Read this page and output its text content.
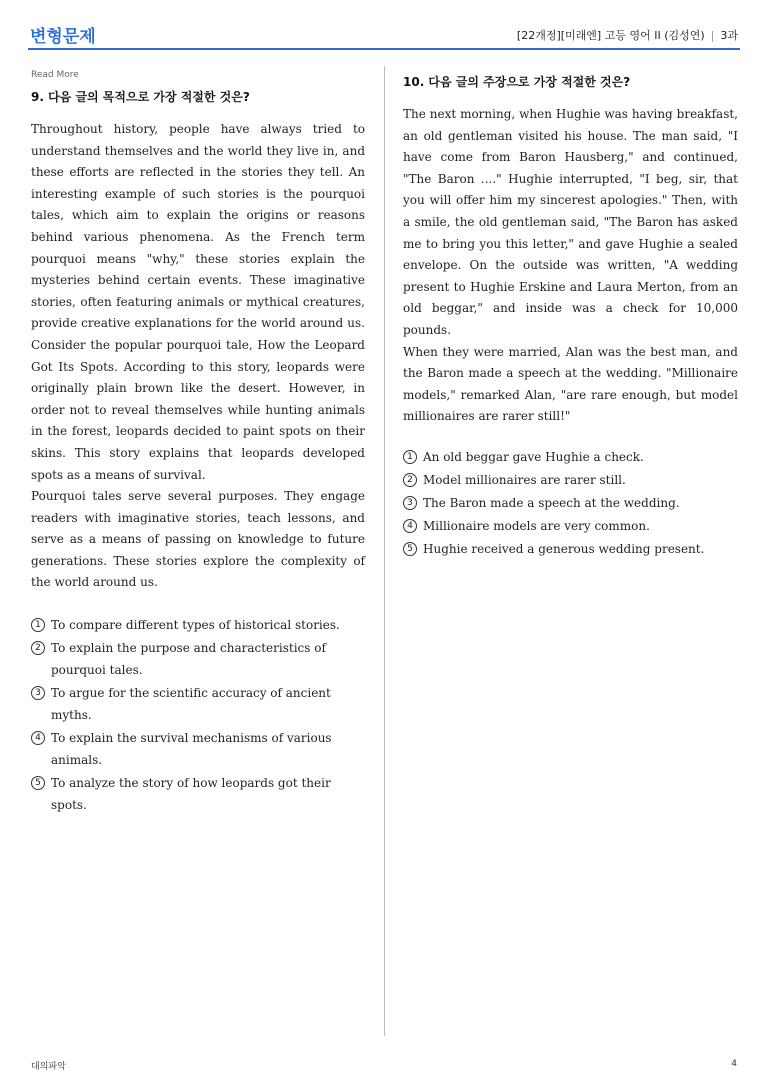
변형문제	[22개정][미래엔] 고등 영어 II (김성연) | 3과
Read More
9. 다음 글의 목적으로 가장 적절한 것은?

Throughout history, people have always tried to understand themselves and the world they live in, and these efforts are reflected in the stories they tell. An interesting example of such stories is the pourquoi tales, which aim to explain the origins or reasons behind various phenomena. As the French term pourquoi means "why," these stories explain the mysteries behind certain events. These imaginative stories, often featuring animals or mythical creatures, provide creative explanations for the world around us. Consider the popular pourquoi tale, How the Leopard Got Its Spots. According to this story, leopards were originally plain brown like the desert. However, in order not to reveal themselves while hunting animals in the forest, leopards decided to paint spots on their skins. This story explains that leopards developed spots as a means of survival.

Pourquoi tales serve several purposes. They engage readers with imaginative stories, teach lessons, and serve as a means of passing on knowledge to future generations. These stories explore the complexity of the world around us.

1 To compare different types of historical stories.
2 To explain the purpose and characteristics of pourquoi tales.
3 To argue for the scientific accuracy of ancient myths.
4 To explain the survival mechanisms of various animals.
5 To analyze the story of how leopards got their spots.
10. 다음 글의 주장으로 가장 적절한 것은?

The next morning, when Hughie was having breakfast, an old gentleman visited his house. The man said, "I have come from Baron Hausberg," and continued, "The Baron ...." Hughie interrupted, "I beg, sir, that you will offer him my sincerest apologies." Then, with a smile, the old gentleman said, "The Baron has asked me to bring you this letter," and gave Hughie a sealed envelope. On the outside was written, "A wedding present to Hughie Erskine and Laura Merton, from an old beggar," and inside was a check for 10,000 pounds.

When they were married, Alan was the best man, and the Baron made a speech at the wedding. "Millionaire models," remarked Alan, "are rare enough, but model millionaires are rarer still!"

1 An old beggar gave Hughie a check.
2 Model millionaires are rarer still.
3 The Baron made a speech at the wedding.
4 Millionaire models are very common.
5 Hughie received a generous wedding present.
대의파악	4
